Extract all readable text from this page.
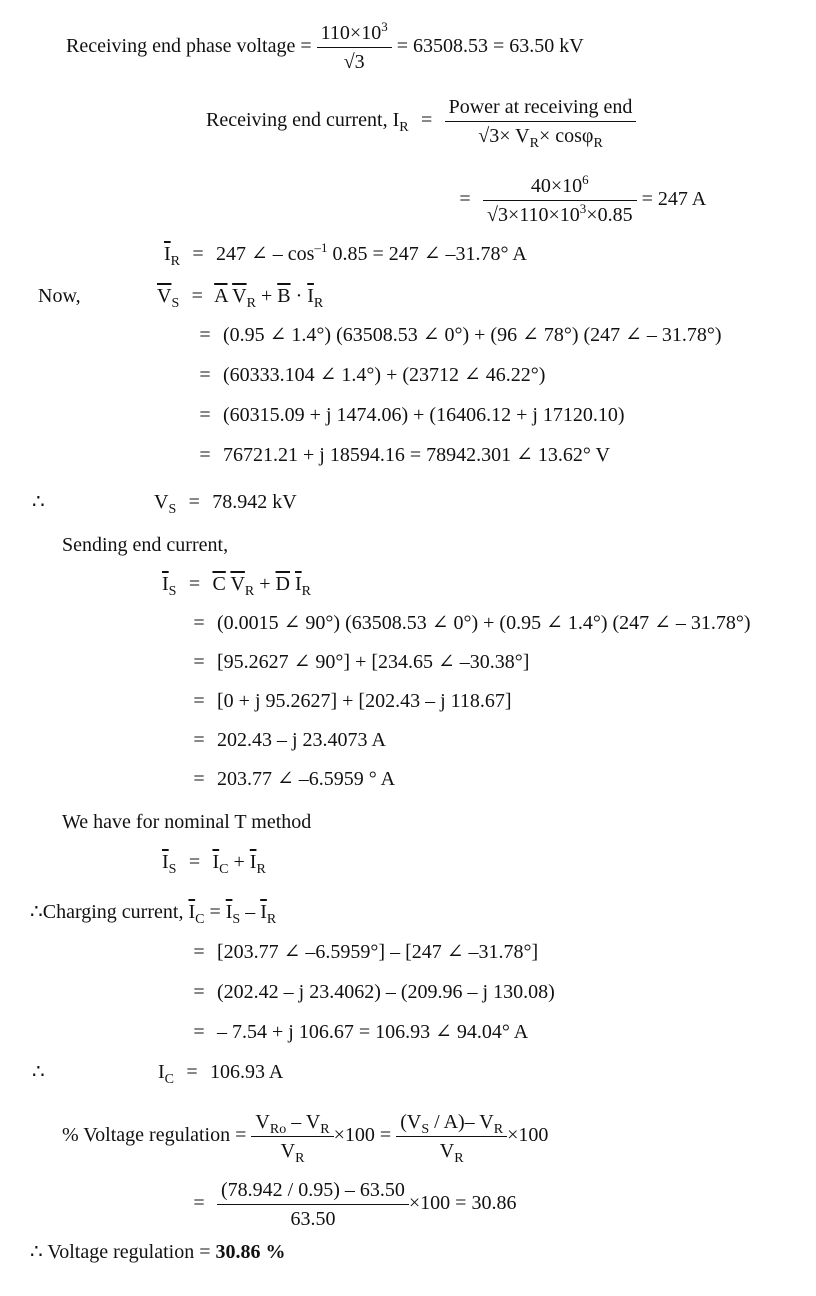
Receiving end phase voltage = $\frac{110\times 10^3}{√3} = 63508.53 = 63.50$ kV
Receiving end current, $I_R = \frac{\text{Power at receiving end}}{√3\times V_R\times \cos\varphi_R}$
= $\frac{40\times 10^6}{√3\times 110\times 10^3\times 0.85} = 247$ A
$\overline{I}_R = 247$ ∠ – $\cos^{-1} 0.85 = 247$ ∠ –31.78° A
Now,	$\overline{V}_S = \overline{A}$ $\overline{V}_R + \overline{B} \cdot \overline{I}_R$
= (0.95 ∠ 1.4°) (63508.53 ∠ 0°) + (96 ∠ 78°) (247 ∠ – 31.78°)
= (60333.104 ∠ 1.4°) + (23712 ∠ 46.22°)
= (60315.09 + j 1474.06) + (16406.12 + j 17120.10)
= 76721.21 + j 18594.16 = 78942.301 ∠ 13.62° V
∴	$V_S = 78.942$ kV
Sending end current,
$\overline{I}_S = \overline{C}$ $\overline{V}_R + \overline{D}$ $\overline{I}_R$
= (0.0015 ∠ 90°) (63508.53 ∠ 0°) + (0.95 ∠ 1.4°) (247 ∠ – 31.78°)
= [95.2627 ∠ 90°] + [234.65 ∠ –30.38°]
= [0 + j 95.2627] + [202.43 – j 118.67]
= 202.43 – j 23.4073 A
= 203.77 ∠ –6.5959 ° A
We have for nominal T method
$\overline{I}_S = \overline{I}_C + \overline{I}_R$
∴Charging current, $\overline{I}_C = \overline{I}_S - \overline{I}_R$
= [203.77 ∠ –6.5959°] – [247 ∠ –31.78°]
= (202.42 – j 23.4062) – (209.96 – j 130.08)
= – 7.54 + j 106.67 = 106.93 ∠ 94.04° A
∴	$I_C = 106.93$ A
% Voltage regulation = $\frac{V_{Ro} - V_R}{V_R} \times 100 = \frac{(V_S / A)- V_R}{V_R} \times 100$
= $\frac{(78.942 / 0.95) - 63.50}{63.50} \times 100 = 30.86$
∴ Voltage regulation = 30.86 %
